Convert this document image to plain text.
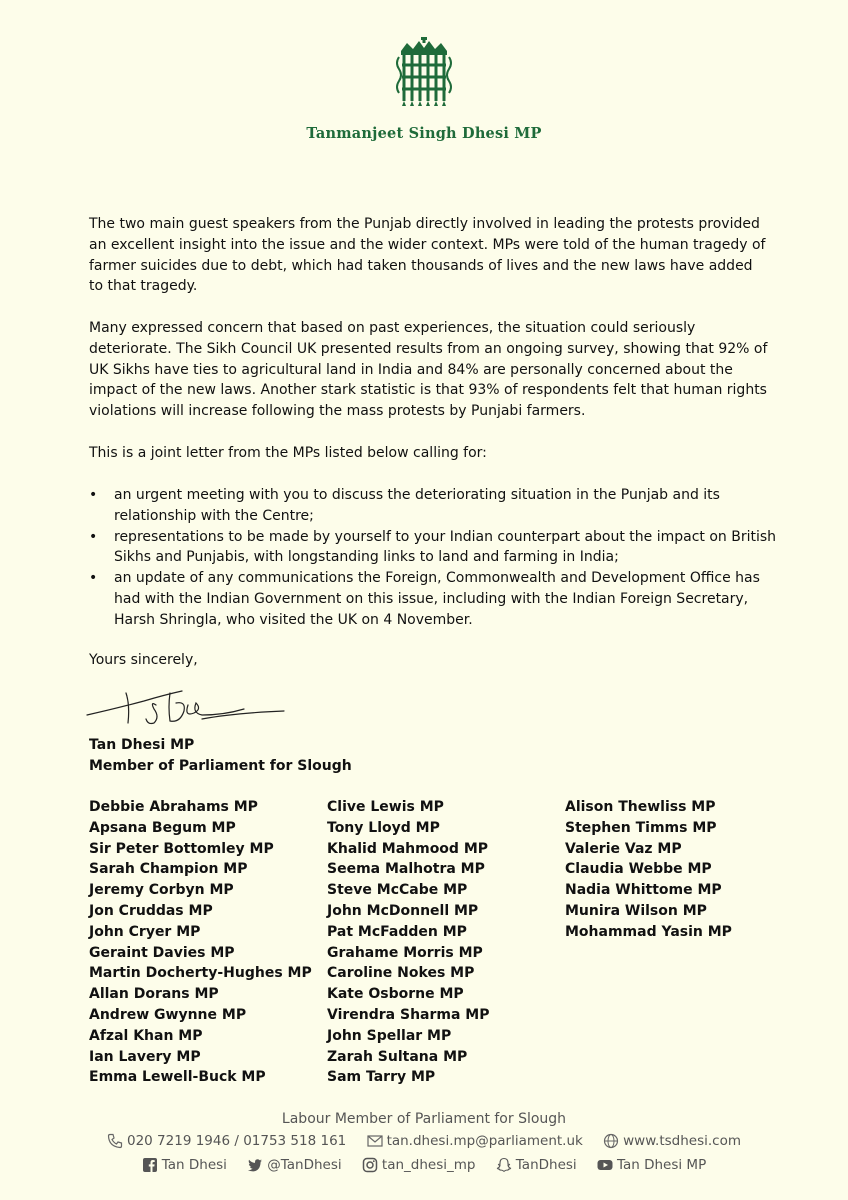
Tanmanjeet Singh Dhesi MP

The two main guest speakers from the Punjab directly involved in leading the protests provided an excellent insight into the issue and the wider context. MPs were told of the human tragedy of farmer suicides due to debt, which had taken thousands of lives and the new laws have added to that tragedy.

Many expressed concern that based on past experiences, the situation could seriously deteriorate. The Sikh Council UK presented results from an ongoing survey, showing that 92% of UK Sikhs have ties to agricultural land in India and 84% are personally concerned about the impact of the new laws. Another stark statistic is that 93% of respondents felt that human rights violations will increase following the mass protests by Punjabi farmers.

This is a joint letter from the MPs listed below calling for:

• an urgent meeting with you to discuss the deteriorating situation in the Punjab and its relationship with the Centre;
• representations to be made by yourself to your Indian counterpart about the impact on British Sikhs and Punjabis, with longstanding links to land and farming in India;
• an update of any communications the Foreign, Commonwealth and Development Office has had with the Indian Government on this issue, including with the Indian Foreign Secretary, Harsh Shringla, who visited the UK on 4 November.
Yours sincerely,
Tan Dhesi MP
Member of Parliament for Slough
Debbie Abrahams MP
Apsana Begum MP
Sir Peter Bottomley MP
Sarah Champion MP
Jeremy Corbyn MP
Jon Cruddas MP
John Cryer MP
Geraint Davies MP
Martin Docherty-Hughes MP
Allan Dorans MP
Andrew Gwynne MP
Afzal Khan MP
Ian Lavery MP
Emma Lewell-Buck MP
Clive Lewis MP
Tony Lloyd MP
Khalid Mahmood MP
Seema Malhotra MP
Steve McCabe MP
John McDonnell MP
Pat McFadden MP
Grahame Morris MP
Caroline Nokes MP
Kate Osborne MP
Virendra Sharma MP
John Spellar MP
Zarah Sultana MP
Sam Tarry MP
Alison Thewliss MP
Stephen Timms MP
Valerie Vaz MP
Claudia Webbe MP
Nadia Whittome MP
Munira Wilson MP
Mohammad Yasin MP
Labour Member of Parliament for Slough
020 7219 1946 / 01753 518 161	tan.dhesi.mp@parliament.uk	www.tsdhesi.com
Tan Dhesi	@TanDhesi	tan_dhesi_mp	TanDhesi	Tan Dhesi MP
